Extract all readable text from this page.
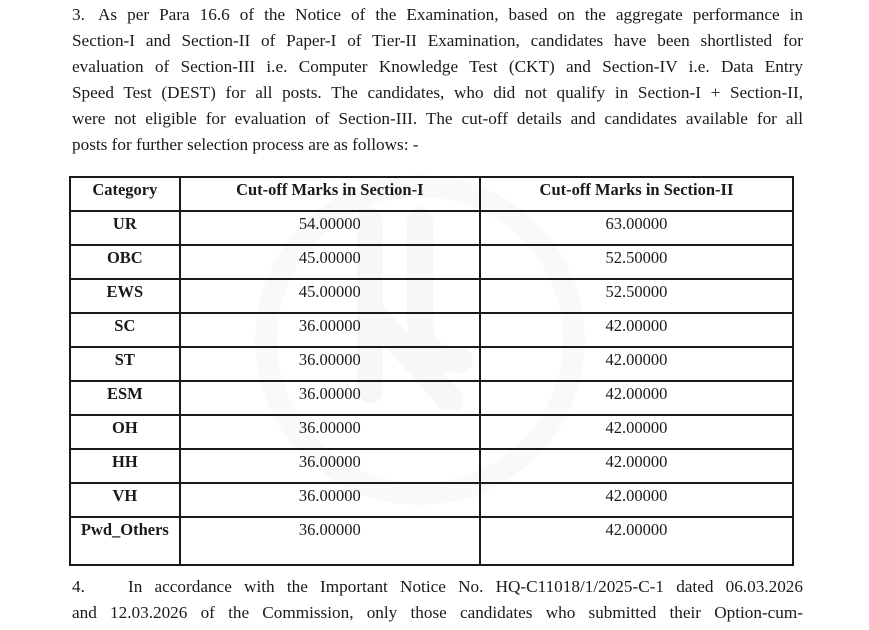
3. As per Para 16.6 of the Notice of the Examination, based on the aggregate performance in
Section-I and Section-II of Paper-I of Tier-II Examination, candidates have been shortlisted for
evaluation of Section-III i.e. Computer Knowledge Test (CKT) and Section-IV i.e. Data Entry
Speed Test (DEST) for all posts. The candidates, who did not qualify in Section-I + Section-II,
were not eligible for evaluation of Section-III. The cut-off details and candidates available for all
posts for further selection process are as follows: -
Category	Cut-off Marks in Section-I	Cut-off Marks in Section-II
UR	54.00000	63.00000
OBC	45.00000	52.50000
EWS	45.00000	52.50000
SC	36.00000	42.00000
ST	36.00000	42.00000
ESM	36.00000	42.00000
OH	36.00000	42.00000
HH	36.00000	42.00000
VH	36.00000	42.00000
Pwd_Others	36.00000	42.00000
4.	In accordance with the Important Notice No. HQ-C11018/1/2025-C-1 dated 06.03.2026
and 12.03.2026 of the Commission, only those candidates who submitted their Option-cum-
